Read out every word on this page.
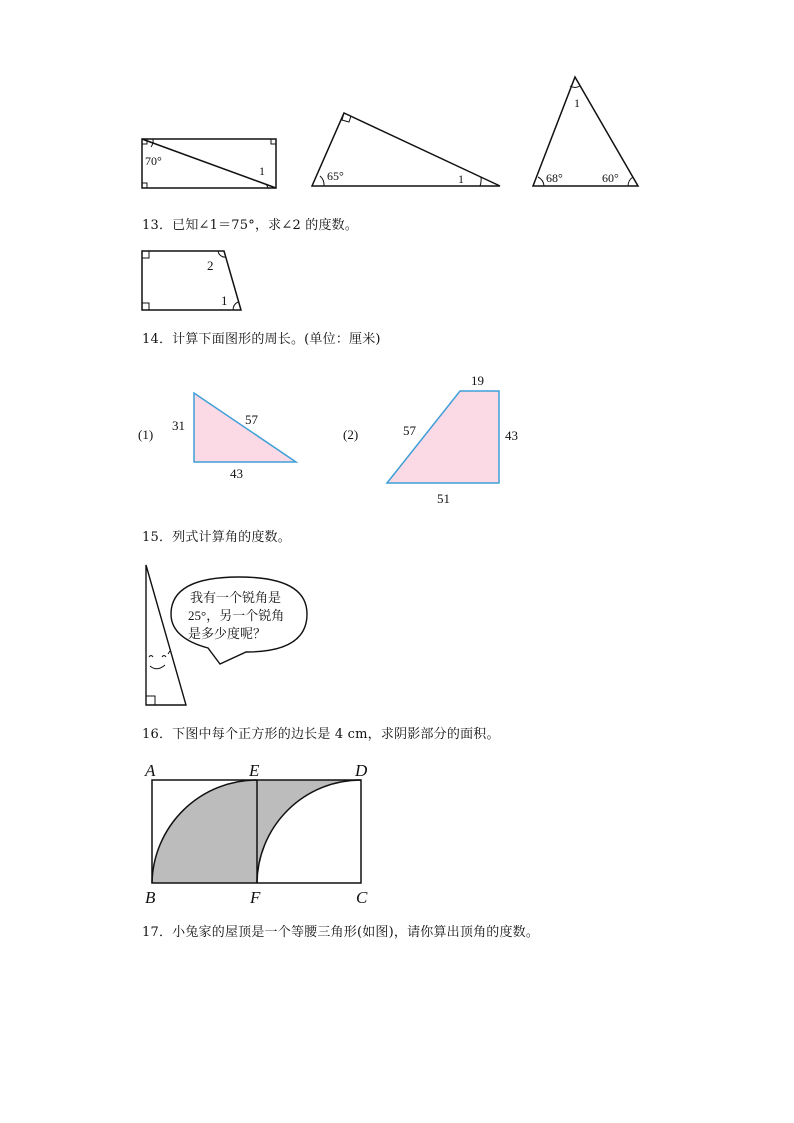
70°
1	65°	1
1
68°	60°
2
1
(1)
31	57
43
(2)
19
57	43
51
我有一个锐角是
25°，另一个锐角
是多少度呢？
A	E	D
B	F	C
13．已知∠1＝75°，求∠2 的度数。
14．计算下面图形的周长。(单位：厘米)
15．列式计算角的度数。
16．下图中每个正方形的边长是 4 cm，求阴影部分的面积。
17．小兔家的屋顶是一个等腰三角形(如图)，请你算出顶角的度数。
